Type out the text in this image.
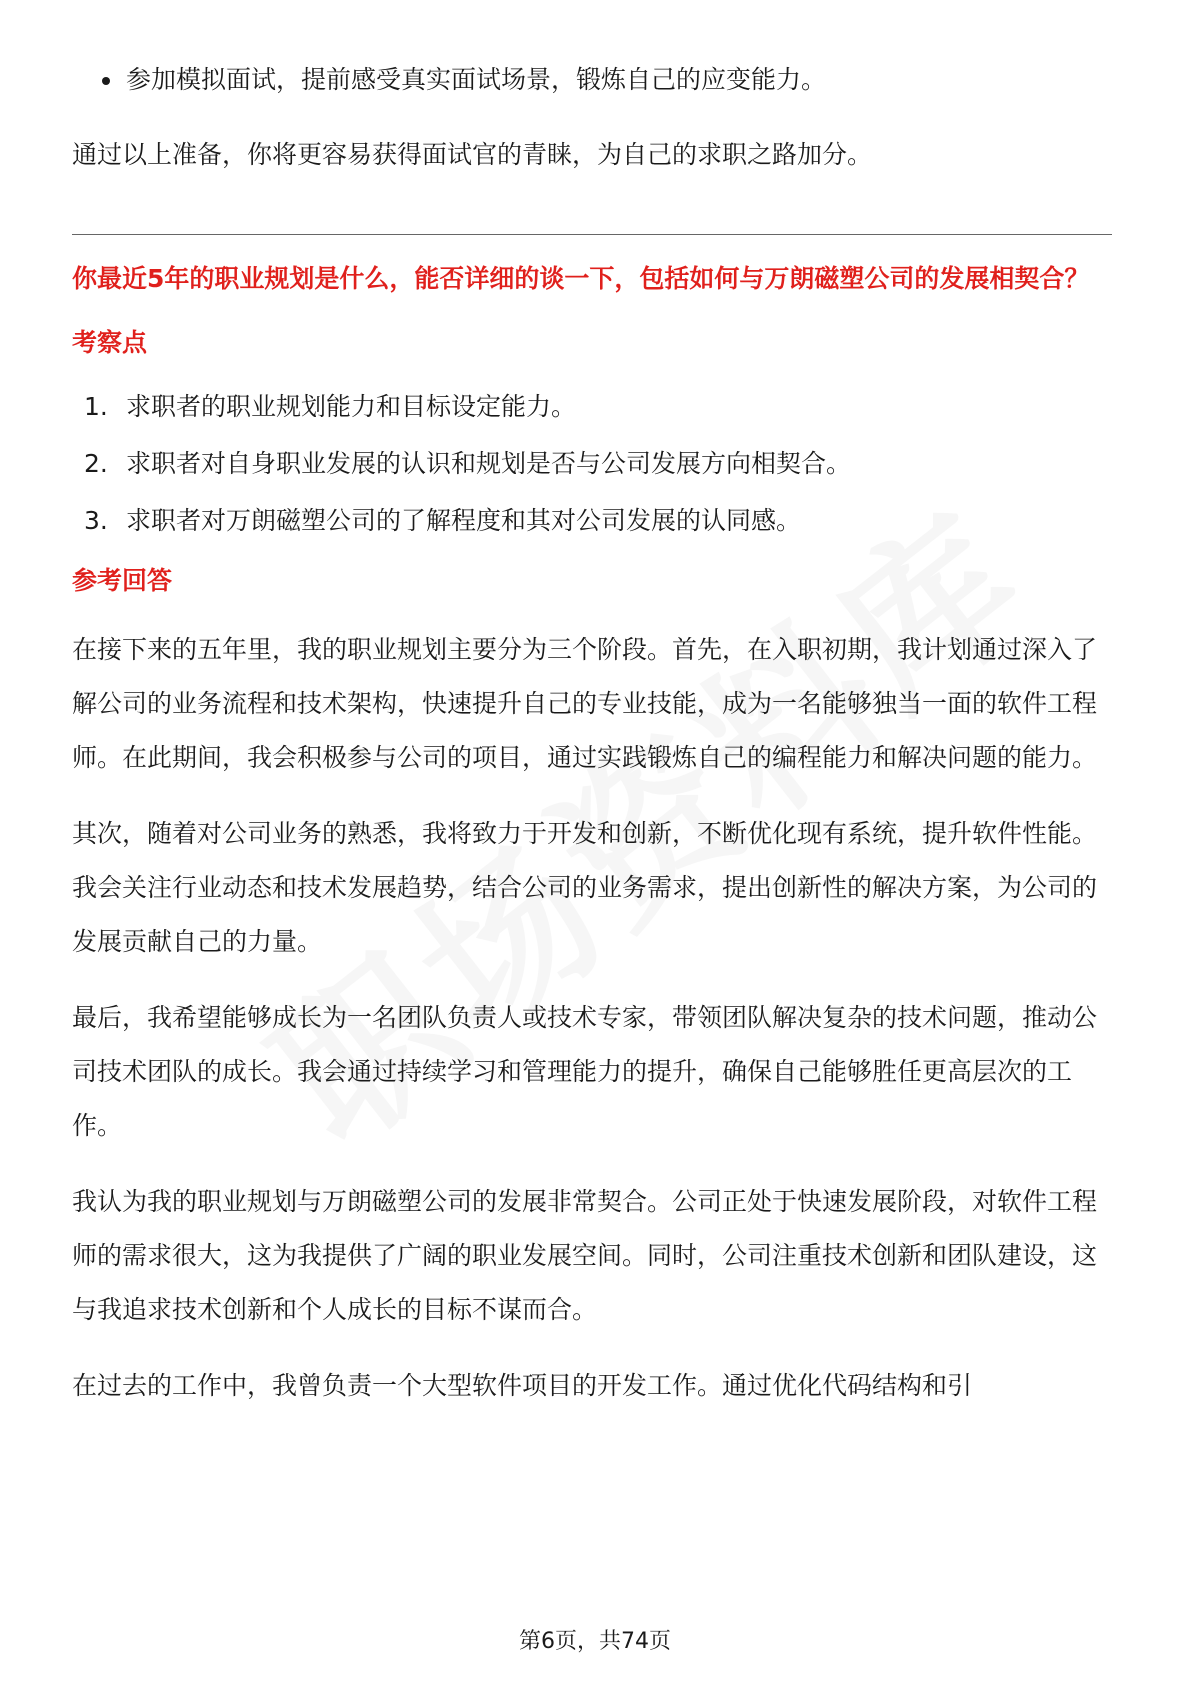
参加模拟面试，提前感受真实面试场景，锻炼自己的应变能力。

通过以上准备，你将更容易获得面试官的青睐，为自己的求职之路加分。

你最近5年的职业规划是什么，能否详细的谈一下，包括如何与万朗磁塑公司的发展相契合？

考察点

1. 求职者的职业规划能力和目标设定能力。
2. 求职者对自身职业发展的认识和规划是否与公司发展方向相契合。
3. 求职者对万朗磁塑公司的了解程度和其对公司发展的认同感。

参考回答

在接下来的五年里，我的职业规划主要分为三个阶段。首先，在入职初期，我计划通过深入了解公司的业务流程和技术架构，快速提升自己的专业技能，成为一名能够独当一面的软件工程师。在此期间，我会积极参与公司的项目，通过实践锻炼自己的编程能力和解决问题的能力。

其次，随着对公司业务的熟悉，我将致力于开发和创新，不断优化现有系统，提升软件性能。我会关注行业动态和技术发展趋势，结合公司的业务需求，提出创新性的解决方案，为公司的发展贡献自己的力量。

最后，我希望能够成长为一名团队负责人或技术专家，带领团队解决复杂的技术问题，推动公司技术团队的成长。我会通过持续学习和管理能力的提升，确保自己能够胜任更高层次的工作。

我认为我的职业规划与万朗磁塑公司的发展非常契合。公司正处于快速发展阶段，对软件工程师的需求很大，这为我提供了广阔的职业发展空间。同时，公司注重技术创新和团队建设，这与我追求技术创新和个人成长的目标不谋而合。

在过去的工作中，我曾负责一个大型软件项目的开发工作。通过优化代码结构和引

第6页，共74页
